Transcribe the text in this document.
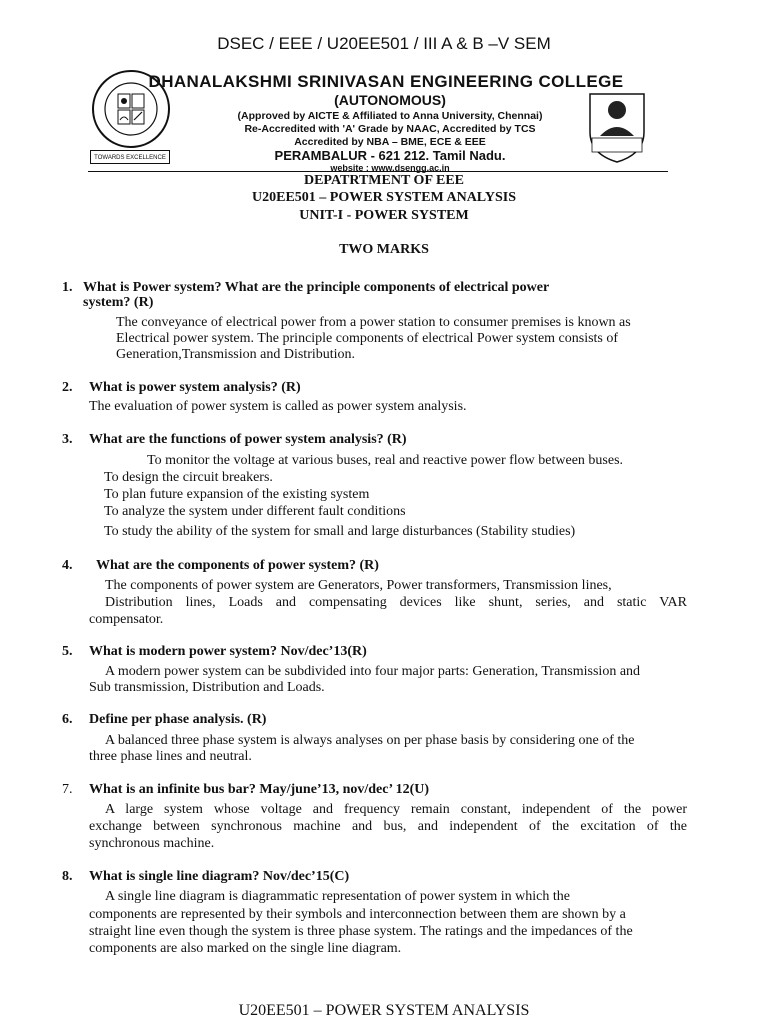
DSEC / EEE / U20EE501 / III A & B –V SEM
TOWARDS EXCELLENCE
DHANALAKSHMI SRINIVASAN ENGINEERING COLLEGE
(AUTONOMOUS)
(Approved by AICTE & Affiliated to Anna University, Chennai)
Re-Accredited with 'A' Grade by NAAC, Accredited by TCS
Accredited by NBA – BME, ECE & EEE
PERAMBALUR - 621 212. Tamil Nadu.
website : www.dsengg.ac.in
DEPATRTMENT OF EEE
U20EE501 – POWER SYSTEM ANALYSIS
UNIT-I - POWER SYSTEM
TWO MARKS
1. What is Power system? What are the principle components of electrical power
system? (R)
The conveyance of electrical power from a power station to consumer premises is known as
Electrical power system. The principle components of electrical Power system consists of
Generation,Transmission and Distribution.
2. What is power system analysis? (R)
The evaluation of power system is called as power system analysis.
3. What are the functions of power system analysis? (R)
To monitor the voltage at various buses, real and reactive power flow between buses.
To design the circuit breakers.
To plan future expansion of the existing system
To analyze the system under different fault conditions
To study the ability of the system for small and large disturbances (Stability studies)
4. What are the components of power system? (R)
The components of power system are Generators, Power transformers, Transmission lines,
Distribution lines, Loads and compensating devices like shunt, series, and static VAR
compensator.
5. What is modern power system? Nov/dec’13(R)
A modern power system can be subdivided into four major parts: Generation, Transmission and
Sub transmission, Distribution and Loads.
6. Define per phase analysis. (R)
A balanced three phase system is always analyses on per phase basis by considering one of the
three phase lines and neutral.
7. What is an infinite bus bar? May/june’13, nov/dec’ 12(U)
A large system whose voltage and frequency remain constant, independent of the power
exchange between synchronous machine and bus, and independent of the excitation of the
synchronous machine.
8. What is single line diagram? Nov/dec’15(C)
A single line diagram is diagrammatic representation of power system in which the
components are represented by their symbols and interconnection between them are shown by a
straight line even though the system is three phase system. The ratings and the impedances of the
components are also marked on the single line diagram.
U20EE501 – POWER SYSTEM ANALYSIS
